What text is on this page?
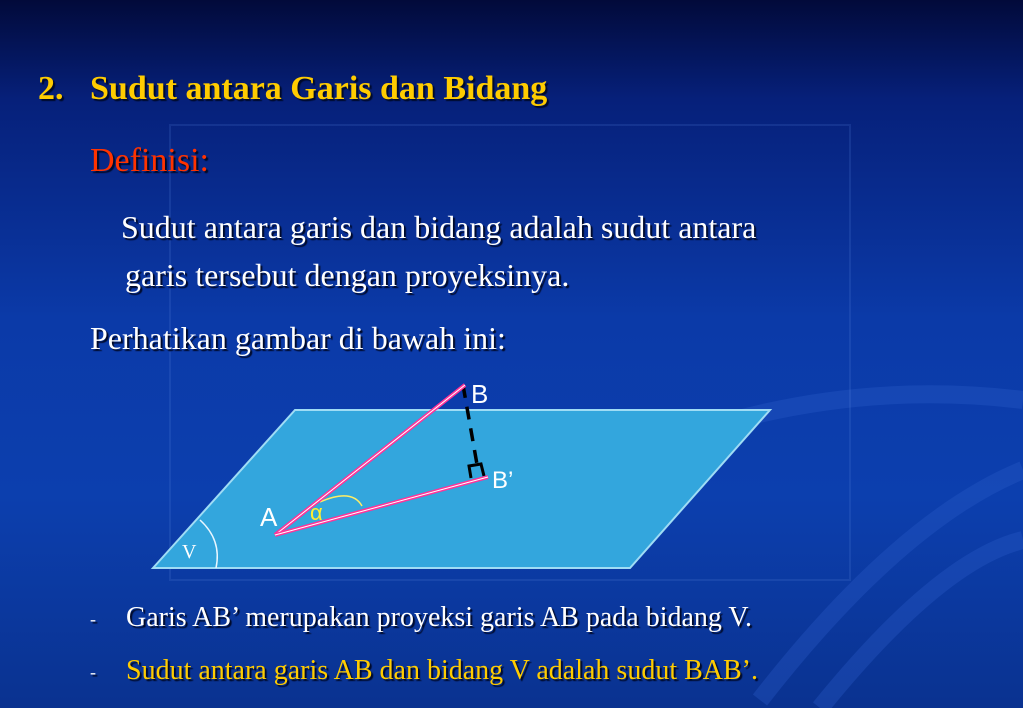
2. Sudut antara Garis dan Bidang
Definisi:
Sudut antara garis dan bidang adalah sudut antara
garis tersebut dengan proyeksinya.
Perhatikan gambar di bawah ini:
B
B’
A α
V
- Garis AB’ merupakan proyeksi garis AB pada bidang V.
- Sudut antara garis AB dan bidang V adalah sudut BAB’.
